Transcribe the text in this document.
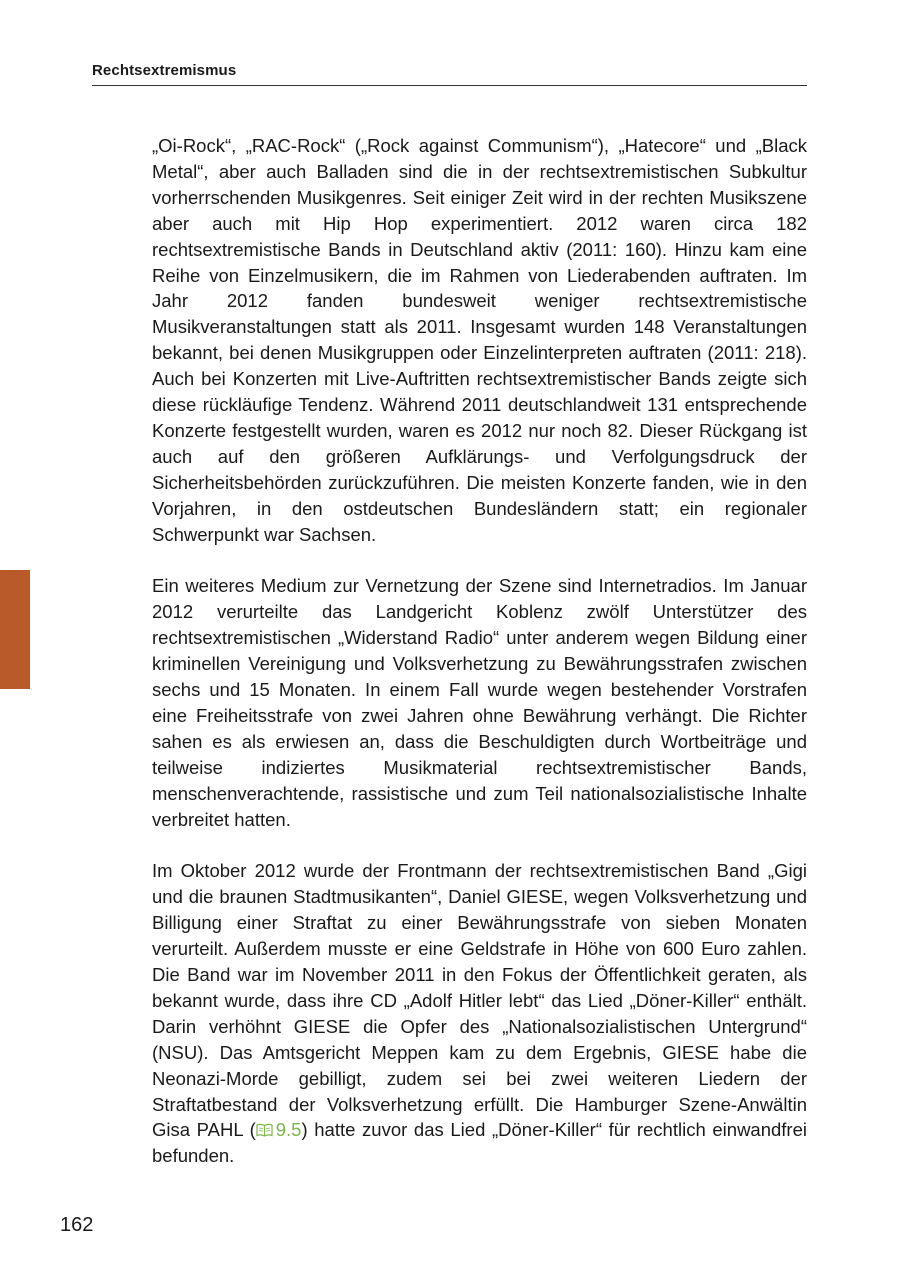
Rechtsextremismus

„Oi-Rock“, „RAC-Rock“ („Rock against Communism“), „Hatecore“ und „Black Metal“, aber auch Balladen sind die in der rechtsextremistischen Subkultur vorherrschenden Musikgenres. Seit einiger Zeit wird in der rechten Musikszene aber auch mit Hip Hop experimentiert. 2012 waren circa 182 rechtsextremistische Bands in Deutschland aktiv (2011: 160). Hinzu kam eine Reihe von Einzelmusikern, die im Rahmen von Liederabenden auftraten. Im Jahr 2012 fanden bundesweit weniger rechtsextremistische Musikveranstaltungen statt als 2011. Insgesamt wurden 148 Veranstaltungen bekannt, bei denen Musikgruppen oder Einzelinterpreten auftraten (2011: 218). Auch bei Konzerten mit Live-Auftritten rechtsextremistischer Bands zeigte sich diese rückläufige Tendenz. Während 2011 deutschlandweit 131 entsprechende Konzerte festgestellt wurden, waren es 2012 nur noch 82. Dieser Rückgang ist auch auf den größeren Aufklärungs- und Verfolgungsdruck der Sicherheitsbehörden zurückzuführen. Die meisten Konzerte fanden, wie in den Vorjahren, in den ostdeutschen Bundesländern statt; ein regionaler Schwerpunkt war Sachsen.

Ein weiteres Medium zur Vernetzung der Szene sind Internetradios. Im Januar 2012 verurteilte das Landgericht Koblenz zwölf Unterstützer des rechtsextremistischen „Widerstand Radio“ unter anderem wegen Bildung einer kriminellen Vereinigung und Volksverhetzung zu Bewährungsstrafen zwischen sechs und 15 Monaten. In einem Fall wurde wegen bestehender Vorstrafen eine Freiheitsstrafe von zwei Jahren ohne Bewährung verhängt. Die Richter sahen es als erwiesen an, dass die Beschuldigten durch Wortbeiträge und teilweise indiziertes Musikmaterial rechtsextremistischer Bands, menschenverachtende, rassistische und zum Teil nationalsozialistische Inhalte verbreitet hatten.

Im Oktober 2012 wurde der Frontmann der rechtsextremistischen Band „Gigi und die braunen Stadtmusikanten“, Daniel GIESE, wegen Volksverhetzung und Billigung einer Straftat zu einer Bewährungsstrafe von sieben Monaten verurteilt. Außerdem musste er eine Geldstrafe in Höhe von 600 Euro zahlen. Die Band war im November 2011 in den Fokus der Öffentlichkeit geraten, als bekannt wurde, dass ihre CD „Adolf Hitler lebt“ das Lied „Döner-Killer“ enthält. Darin verhöhnt GIESE die Opfer des „Nationalsozialistischen Untergrund“ (NSU). Das Amtsgericht Meppen kam zu dem Ergebnis, GIESE habe die Neonazi-Morde gebilligt, zudem sei bei zwei weiteren Liedern der Straftatbestand der Volksverhetzung erfüllt. Die Hamburger Szene-Anwältin Gisa PAHL ( 9.5) hatte zuvor das Lied „Döner-Killer“ für rechtlich einwandfrei befunden.

162
